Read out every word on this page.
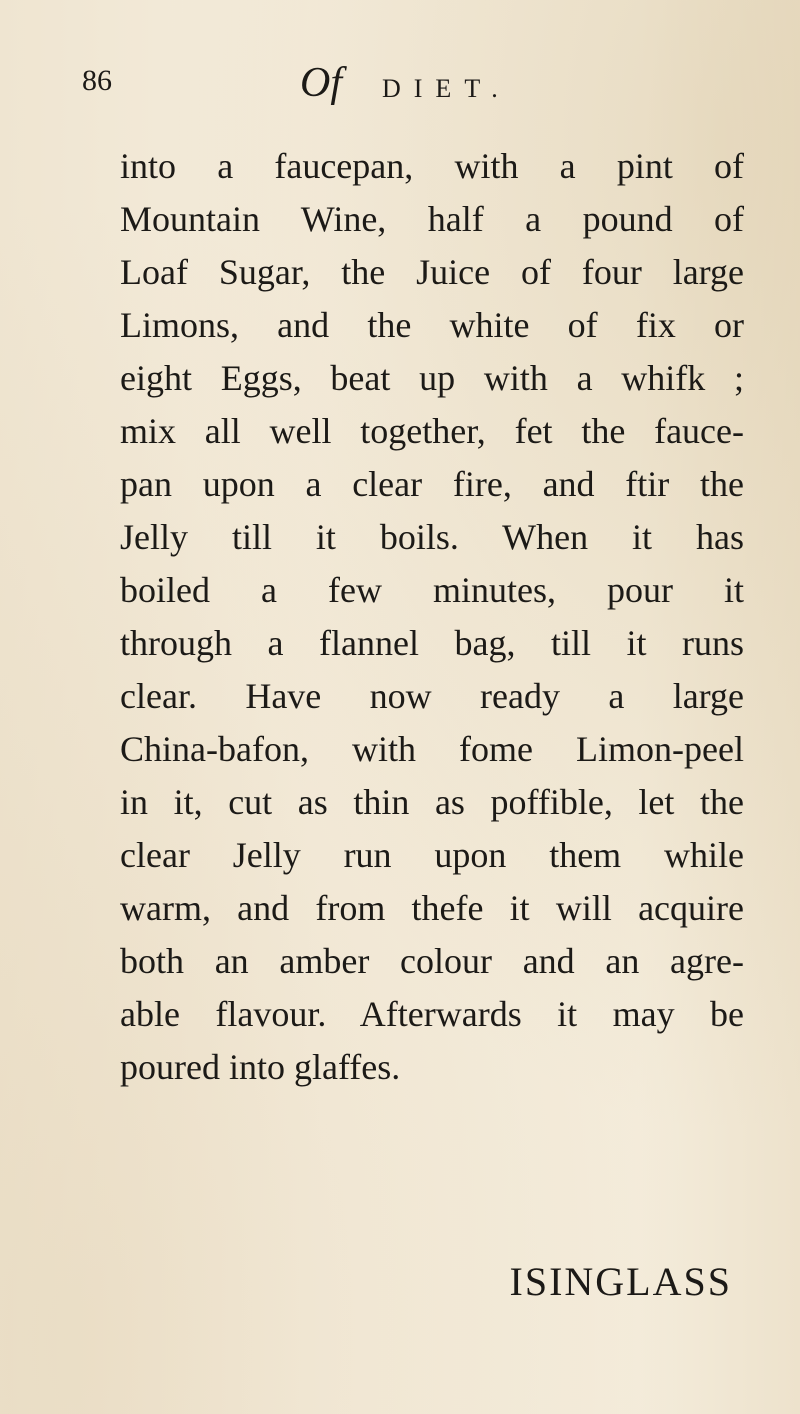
86	Of DIET.
into a faucepan, with a pint of
Mountain Wine, half a pound of
Loaf Sugar, the Juice of four large
Limons, and the white of fix or
eight Eggs, beat up with a whifk ;
mix all well together, fet the fauce-
pan upon a clear fire, and ftir the
Jelly till it boils. When it has
boiled a few minutes, pour it
through a flannel bag, till it runs
clear. Have now ready a large
China-bafon, with fome Limon-peel
in it, cut as thin as poffible, let the
clear Jelly run upon them while
warm, and from thefe it will acquire
both an amber colour and an agre-
able flavour. Afterwards it may be
poured into glaffes.
ISINGLASS
